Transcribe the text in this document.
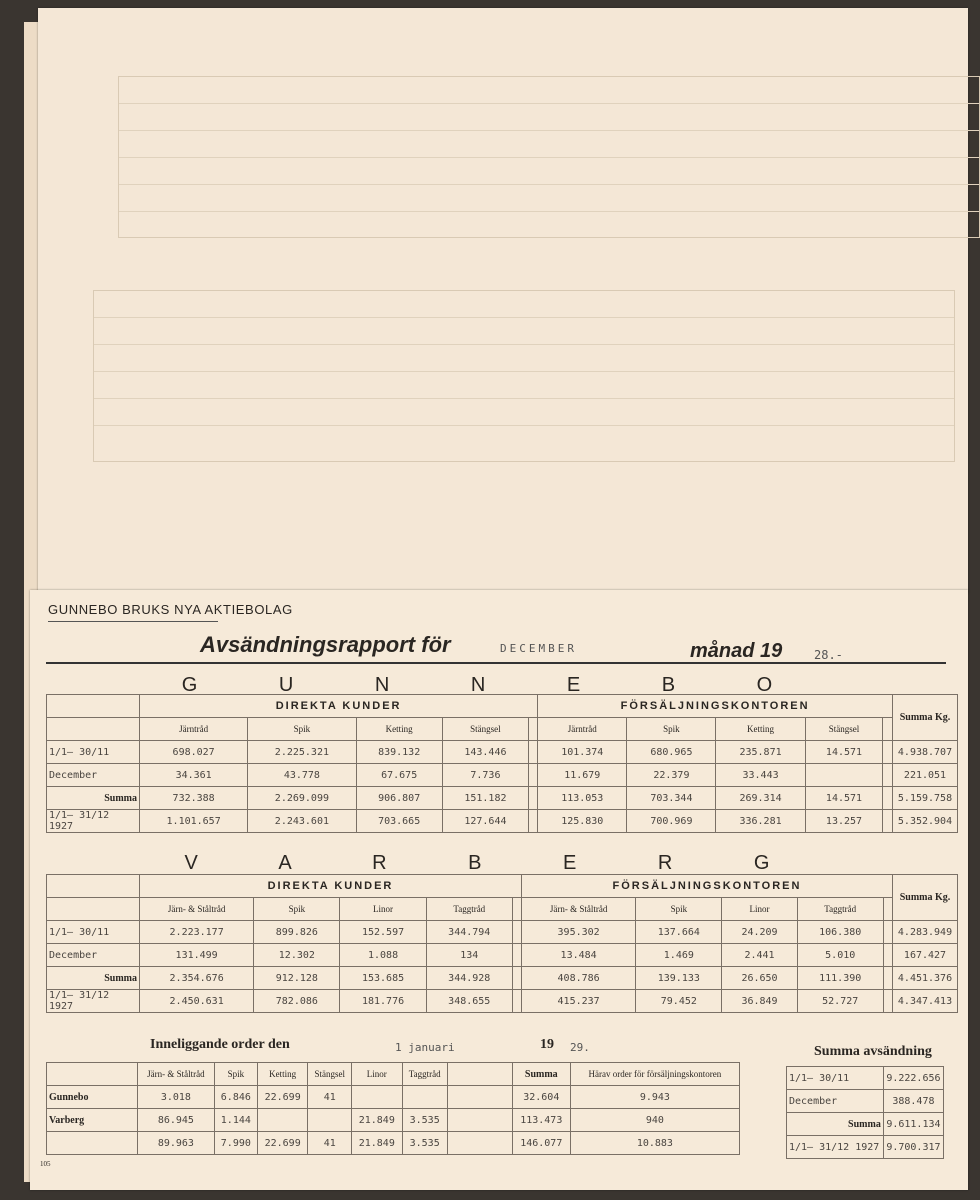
GUNNEBO BRUKS NYA AKTIEBOLAG
Avsändningsrapport för	DECEMBER	månad 19	28.-
G U N N E B O
	DIREKTA KUNDER					FÖRSÄLJNINGSKONTOREN					Summa Kg.
	Järntråd	Spik	Ketting	Stängsel		Järntråd	Spik	Ketting	Stängsel		
1/1— 30/11	698.027	2.225.321	839.132	143.446		101.374	680.965	235.871	14.571		4.938.707
December	34.361	43.778	67.675	7.736		11.679	22.379	33.443			221.051
Summa	732.388	2.269.099	906.807	151.182		113.053	703.344	269.314	14.571		5.159.758
1/1— 31/12 1927	1.101.657	2.243.601	703.665	127.644		125.830	700.969	336.281	13.257		5.352.904
V A R B E R G
	DIREKTA KUNDER					FÖRSÄLJNINGSKONTOREN					Summa Kg.
	Järn- & Ståltråd	Spik	Linor	Taggtråd		Järn- & Ståltråd	Spik	Linor	Taggtråd		
1/1— 30/11	2.223.177	899.826	152.597	344.794		395.302	137.664	24.209	106.380		4.283.949
December	131.499	12.302	1.088	134		13.484	1.469	2.441	5.010		167.427
Summa	2.354.676	912.128	153.685	344.928		408.786	139.133	26.650	111.390		4.451.376
1/1— 31/12 1927	2.450.631	782.086	181.776	348.655		415.237	79.452	36.849	52.727		4.347.413
Inneliggande order den	1 januari	19 29.
	Järn- & Ståltråd	Spik	Ketting	Stängsel	Linor	Taggtråd		Summa	Härav order för försäljningskontoren
Gunnebo	3.018	6.846	22.699	41				32.604	9.943
Varberg	86.945	1.144			21.849	3.535		113.473	940
	89.963	7.990	22.699	41	21.849	3.535		146.077	10.883
Summa avsändning
1/1— 30/11	9.222.656
December	388.478
Summa	9.611.134
1/1— 31/12 1927	9.700.317
105
